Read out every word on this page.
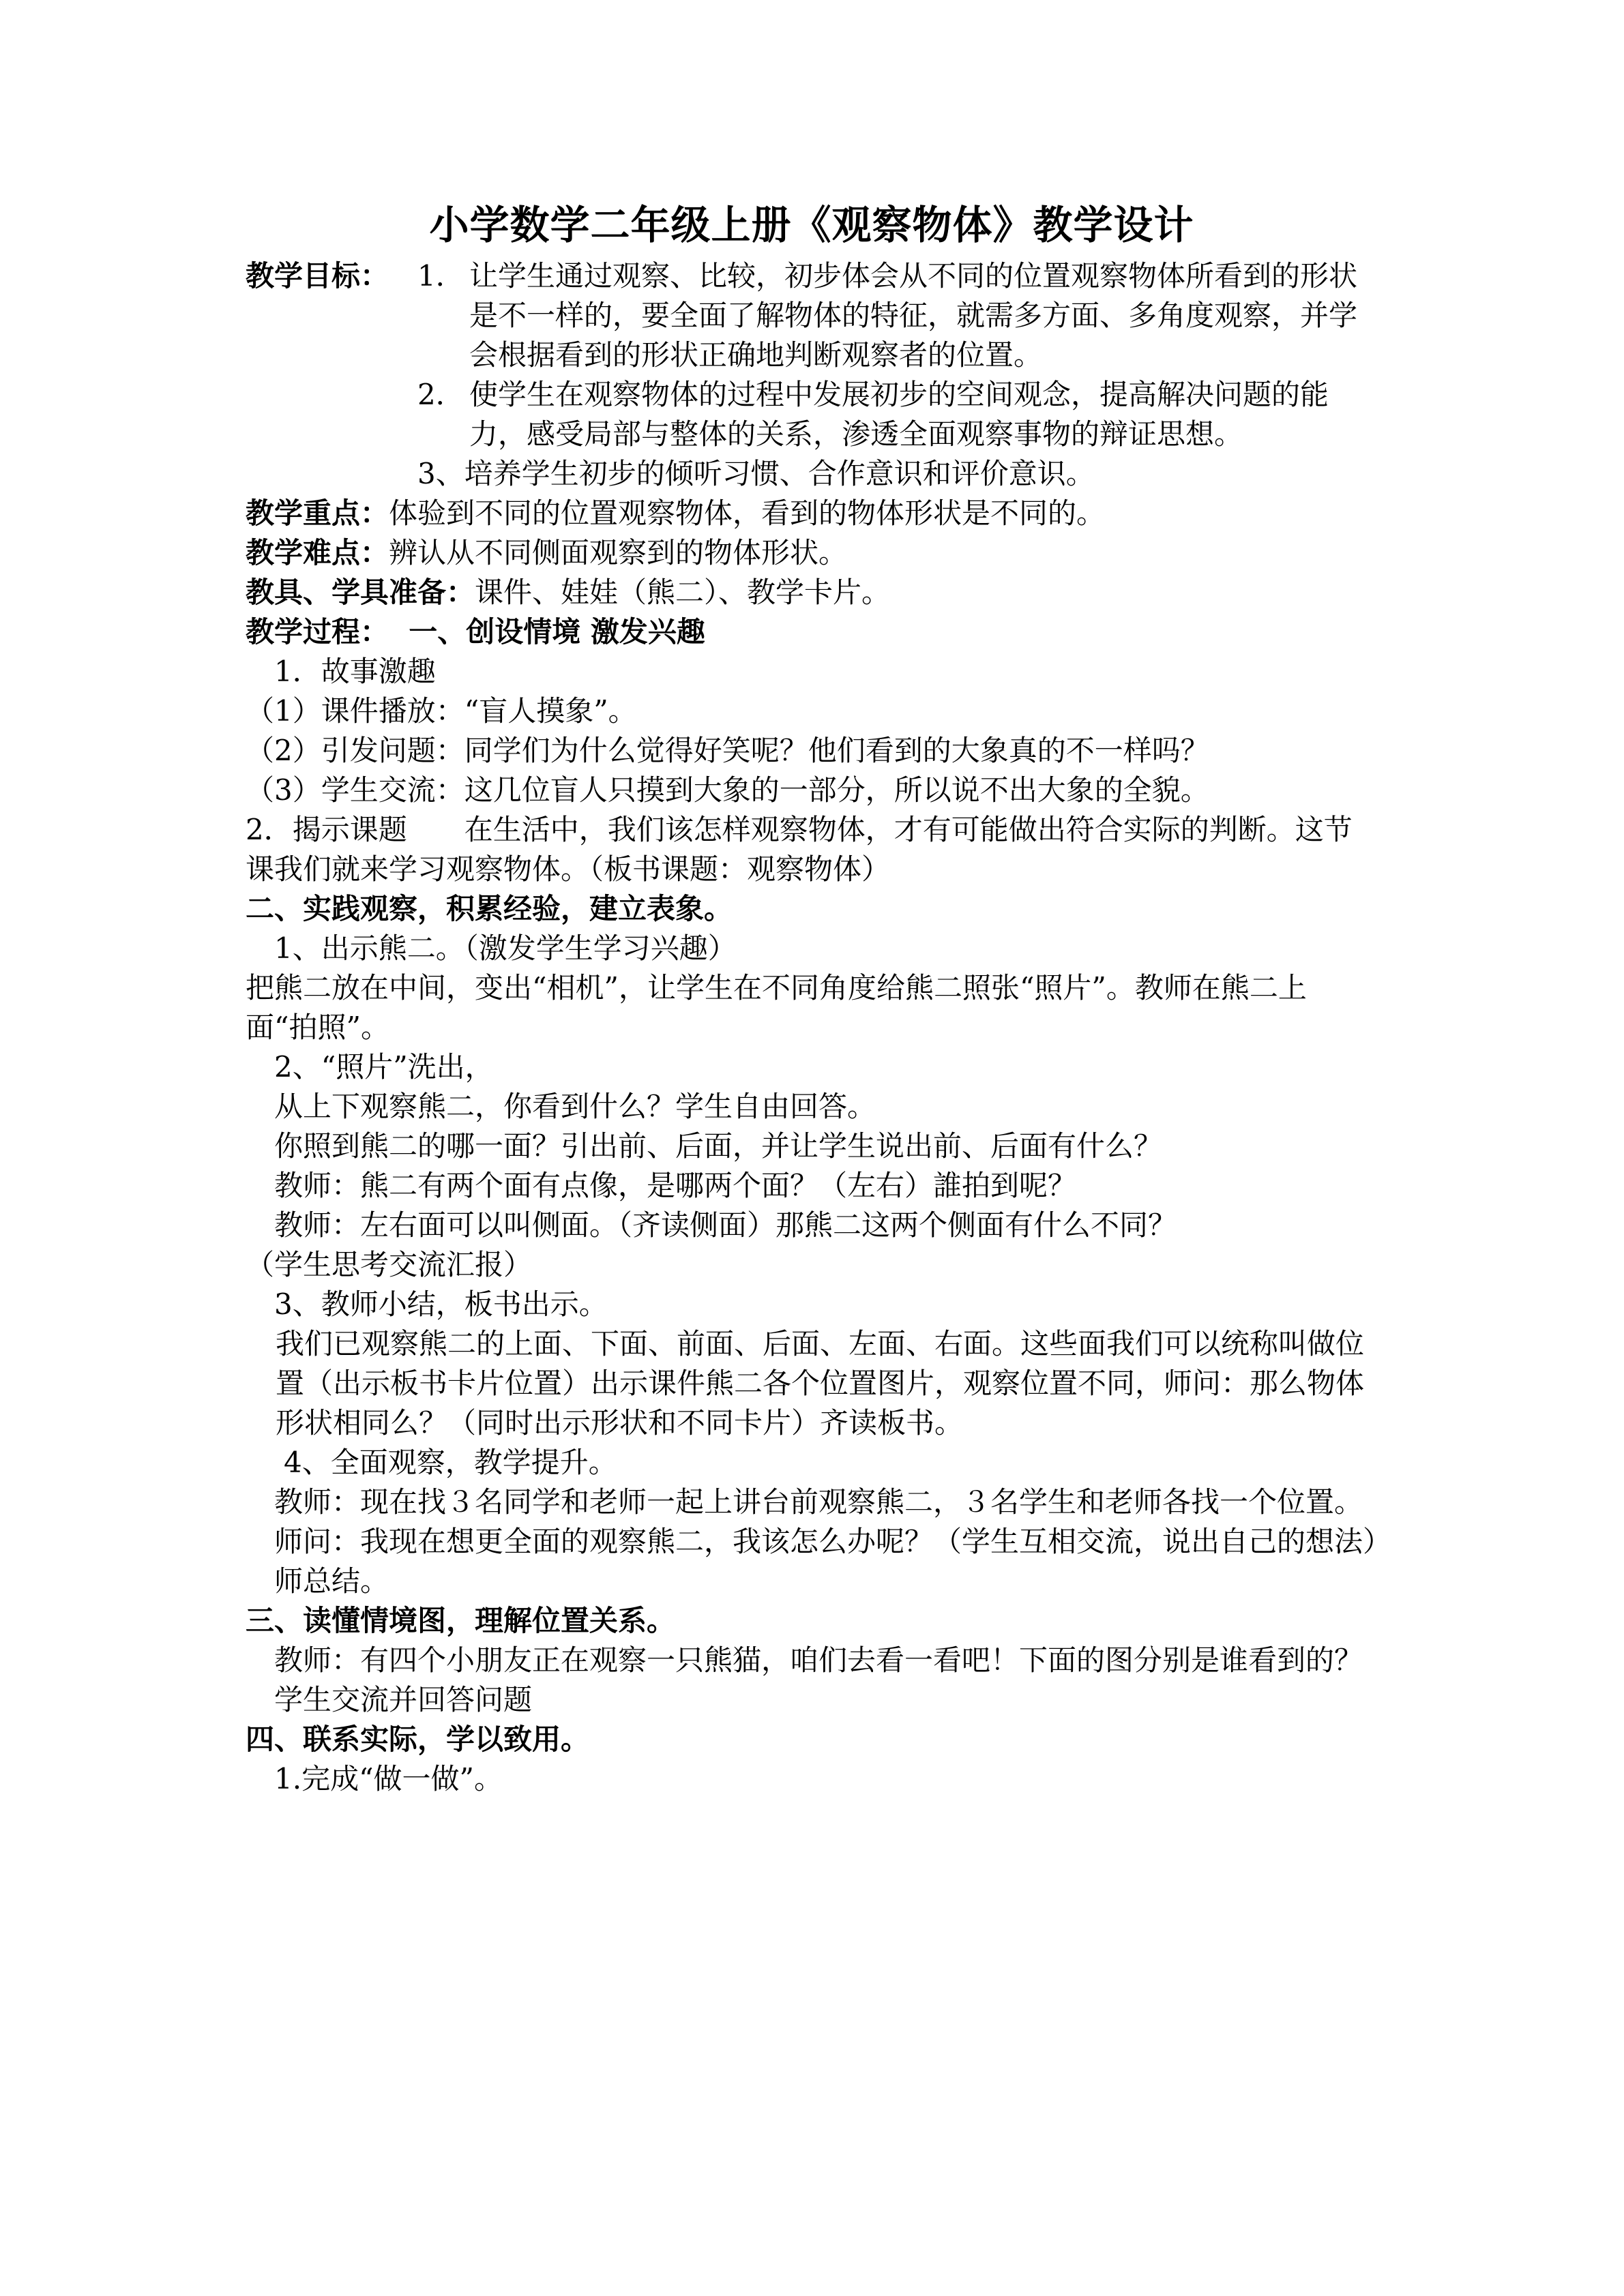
小学数学二年级上册《观察物体》教学设计
教学目标： 1． 让学生通过观察、比较，初步体会从不同的位置观察物体所看到的形状是不一样的，要全面了解物体的特征，就需多方面、多角度观察，并学会根据看到的形状正确地判断观察者的位置。
2． 使学生在观察物体的过程中发展初步的空间观念，提高解决问题的能力，感受局部与整体的关系，渗透全面观察事物的辩证思想。
3、培养学生初步的倾听习惯、合作意识和评价意识。

教学重点：体验到不同的位置观察物体，看到的物体形状是不同的。

教学难点：辨认从不同侧面观察到的物体形状。

教具、学具准备：课件、娃娃（熊二）、教学卡片。

教学过程： 一、创设情境 激发兴趣

1．故事激趣

（1）课件播放：“盲人摸象”。

（2）引发问题：同学们为什么觉得好笑呢？他们看到的大象真的不一样吗？

（3）学生交流：这几位盲人只摸到大象的一部分，所以说不出大象的全貌。

2．揭示课题　　在生活中，我们该怎样观察物体，才有可能做出符合实际的判断。这节课我们就来学习观察物体。（板书课题：观察物体）

二、实践观察，积累经验，建立表象。

1、出示熊二。（激发学生学习兴趣）

把熊二放在中间，变出“相机”，让学生在不同角度给熊二照张“照片”。教师在熊二上面“拍照”。

2、“照片”洗出，

从上下观察熊二，你看到什么？学生自由回答。

你照到熊二的哪一面？引出前、后面，并让学生说出前、后面有什么？

教师：熊二有两个面有点像，是哪两个面？（左右）誰拍到呢？

教师：左右面可以叫侧面。（齐读侧面）那熊二这两个侧面有什么不同？

（学生思考交流汇报）

3、教师小结，板书出示。

我们已观察熊二的上面、下面、前面、后面、左面、右面。这些面我们可以统称叫做位置（出示板书卡片位置）出示课件熊二各个位置图片，观察位置不同，师问：那么物体形状相同么？（同时出示形状和不同卡片）齐读板书。

4、全面观察，教学提升。

教师：现在找３名同学和老师一起上讲台前观察熊二，３名学生和老师各找一个位置。师问：我现在想更全面的观察熊二，我该怎么办呢？（学生互相交流，说出自己的想法）师总结。

三、读懂情境图，理解位置关系。

教师：有四个小朋友正在观察一只熊猫，咱们去看一看吧！下面的图分别是谁看到的？学生交流并回答问题

四、联系实际，学以致用。

1.完成“做一做”。
